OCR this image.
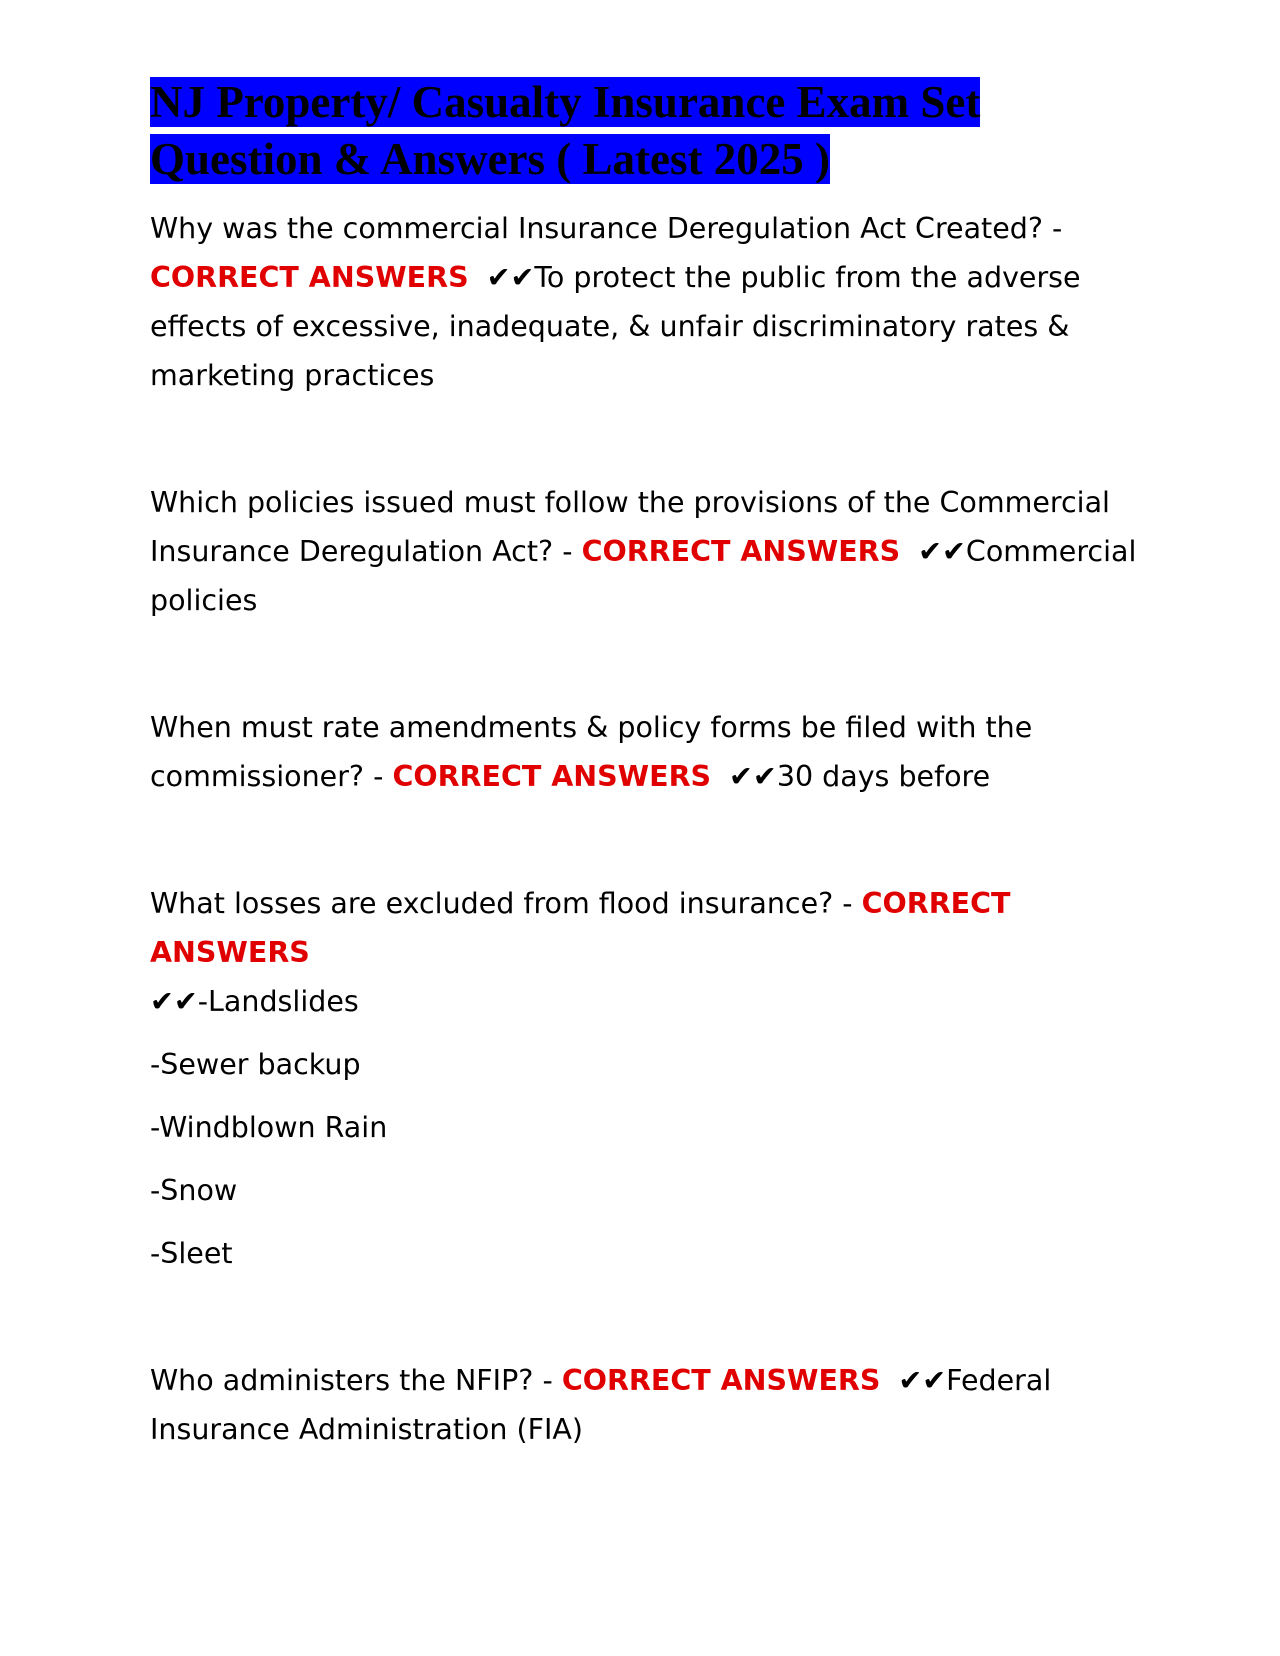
NJ Property/ Casualty Insurance Exam Set Question & Answers ( Latest 2025 )

Why was the commercial Insurance Deregulation Act Created? - CORRECT ANSWERS ✔✔To protect the public from the adverse effects of excessive, inadequate, & unfair discriminatory rates & marketing practices

Which policies issued must follow the provisions of the Commercial Insurance Deregulation Act? - CORRECT ANSWERS ✔✔Commercial policies

When must rate amendments & policy forms be filed with the commissioner? - CORRECT ANSWERS ✔✔30 days before

What losses are excluded from flood insurance? - CORRECT ANSWERS
✔✔-Landslides

-Sewer backup

-Windblown Rain

-Snow

-Sleet

Who administers the NFIP? - CORRECT ANSWERS ✔✔Federal Insurance Administration (FIA)
